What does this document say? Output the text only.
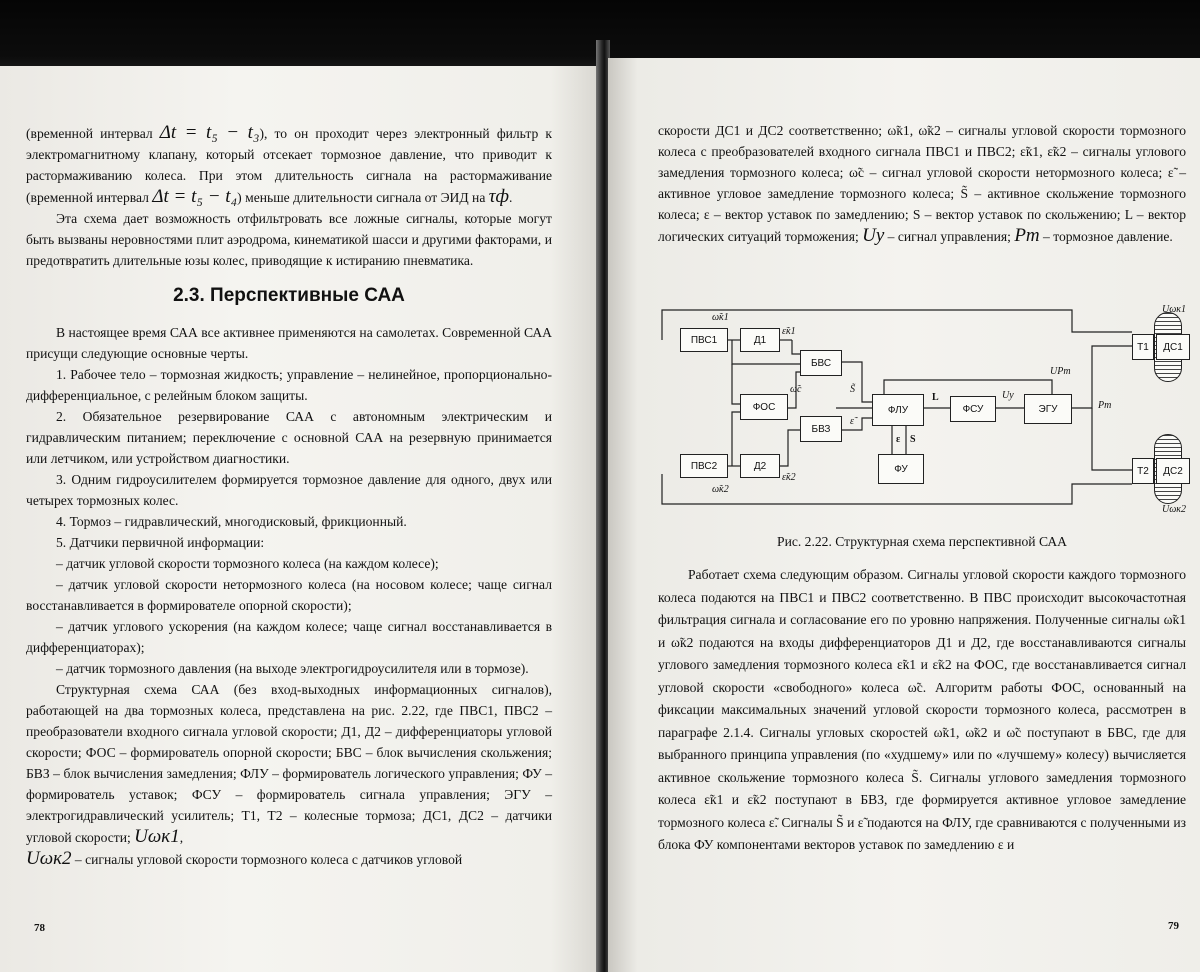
(временной интервал Δt = t₅ − t₃), то он проходит через электронный фильтр к электромагнитному клапану, который отсекает тормозное давление, что приводит к растормаживанию колеса. При этом длительность сигнала на растормаживание (временной интервал Δt = t₅ − t₄) меньше длительности сигнала от ЭИД на τф.

Эта схема дает возможность отфильтровать все ложные сигналы, которые могут быть вызваны неровностями плит аэродрома, кинематикой шасси и другими факторами, и предотвратить длительные юзы колес, приводящие к истиранию пневматика.

2.3. Перспективные САА

В настоящее время САА все активнее применяются на самолетах. Современной САА присущи следующие основные черты.

1. Рабочее тело – тормозная жидкость; управление – нелинейное, пропорционально-дифференциальное, с релейным блоком защиты.

2. Обязательное резервирование САА с автономным электрическим и гидравлическим питанием; переключение с основной САА на резервную принимается или летчиком, или устройством диагностики.

3. Одним гидроусилителем формируется тормозное давление для одного, двух или четырех тормозных колес.

4. Тормоз – гидравлический, многодисковый, фрикционный.

5. Датчики первичной информации:

– датчик угловой скорости тормозного колеса (на каждом колесе);

– датчик угловой скорости нетормозного колеса (на носовом колесе; чаще сигнал восстанавливается в формирователе опорной скорости);

– датчик углового ускорения (на каждом колесе; чаще сигнал восстанавливается в дифференциаторах);

– датчик тормозного давления (на выходе электрогидроусилителя или в тормозе).

Структурная схема САА (без вход-выходных информационных сигналов), работающей на два тормозных колеса, представлена на рис. 2.22, где ПВС1, ПВС2 – преобразователи входного сигнала угловой скорости; Д1, Д2 – дифференциаторы угловой скорости; ФОС – формирователь опорной скорости; БВС – блок вычисления скольжения; БВЗ – блок вычисления замедления; ФЛУ – формирователь логического управления; ФУ – формирователь уставок; ФСУ – формирователь сигнала управления; ЭГУ – электрогидравлический усилитель; Т1, Т2 – колесные тормоза; ДС1, ДС2 – датчики угловой скорости; Uωк1,

Uωк2 – сигналы угловой скорости тормозного колеса с датчиков угловой

78

скорости ДС1 и ДС2 соответственно; ω̃к1, ω̃к2 – сигналы угловой скорости тормозного колеса с преобразователей входного сигнала ПВС1 и ПВС2; ε̃к1, ε̃к2 – сигналы углового замедления тормозного колеса; ω̃с – сигнал угловой скорости нетормозного колеса; ε̃ – активное угловое замедление тормозного колеса; S̃ – активное скольжение тормозного колеса; ε – вектор уставок по замедлению; S – вектор уставок по скольжению; L – вектор логических ситуаций торможения; Uу – сигнал управления; Pт – тормозное давление.

ПВС1	Д1
БВС
ФОС	ФЛУ	ФСУ	ЭГУ
БВЗ
ФУ
ПВС2	Д2
Т1	ДС1
Т2	ДС2
ω̃к1
ε̃к1
ω̃с	S̃
ε̃
L	Uу
UPт
Pт
ω̃к2
ε̃к2
ε S
Uωк1
Uωк2
Рис. 2.22. Структурная схема перспективной САА

Работает схема следующим образом. Сигналы угловой скорости каждого тормозного колеса подаются на ПВС1 и ПВС2 соответственно. В ПВС происходит высокочастотная фильтрация сигнала и согласование его по уровню напряжения. Полученные сигналы ω̃к1 и ω̃к2 подаются на входы дифференциаторов Д1 и Д2, где восстанавливаются сигналы углового замедления тормозного колеса ε̃к1 и ε̃к2 на ФОС, где восстанавливается сигнал угловой скорости «свободного» колеса ω̃с. Алгоритм работы ФОС, основанный на фиксации максимальных значений угловой скорости тормозного колеса, рассмотрен в параграфе 2.1.4. Сигналы угловых скоростей ω̃к1, ω̃к2 и ω̃с поступают в БВС, где для выбранного принципа управления (по «худшему» или по «лучшему» колесу) вычисляется активное скольжение тормозного колеса S̃. Сигналы углового замедления тормозного колеса ε̃к1 и ε̃к2 поступают в БВЗ, где формируется активное угловое замедление тормозного колеса ε̃. Сигналы S̃ и ε̃ подаются на ФЛУ, где сравниваются с полученными из блока ФУ компонентами векторов уставок по замедлению ε и

79
